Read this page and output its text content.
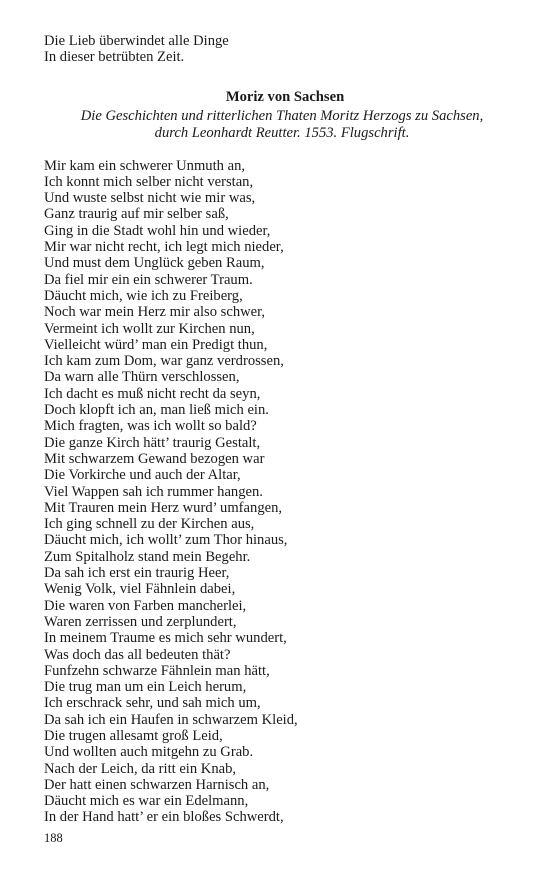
Die Lieb überwindet alle Dinge
In dieser betrübten Zeit.
Moriz von Sachsen
Die Geschichten und ritterlichen Thaten Moritz Herzogs zu Sachsen,
durch Leonhardt Reutter. 1553. Flugschrift.
Mir kam ein schwerer Unmuth an,
Ich konnt mich selber nicht verstan,
Und wuste selbst nicht wie mir was,
Ganz traurig auf mir selber saß,
Ging in die Stadt wohl hin und wieder,
Mir war nicht recht, ich legt mich nieder,
Und must dem Unglück geben Raum,
Da fiel mir ein ein schwerer Traum.
Däucht mich, wie ich zu Freiberg,
Noch war mein Herz mir also schwer,
Vermeint ich wollt zur Kirchen nun,
Vielleicht würd’ man ein Predigt thun,
Ich kam zum Dom, war ganz verdrossen,
Da warn alle Thürn verschlossen,
Ich dacht es muß nicht recht da seyn,
Doch klopft ich an, man ließ mich ein.
Mich fragten, was ich wollt so bald?
Die ganze Kirch hätt’ traurig Gestalt,
Mit schwarzem Gewand bezogen war
Die Vorkirche und auch der Altar,
Viel Wappen sah ich rummer hangen.
Mit Trauren mein Herz wurd’ umfangen,
Ich ging schnell zu der Kirchen aus,
Däucht mich, ich wollt’ zum Thor hinaus,
Zum Spitalholz stand mein Begehr.
Da sah ich erst ein traurig Heer,
Wenig Volk, viel Fähnlein dabei,
Die waren von Farben mancherlei,
Waren zerrissen und zerplundert,
In meinem Traume es mich sehr wundert,
Was doch das all bedeuten thät?
Funfzehn schwarze Fähnlein man hätt,
Die trug man um ein Leich herum,
Ich erschrack sehr, und sah mich um,
Da sah ich ein Haufen in schwarzem Kleid,
Die trugen allesamt groß Leid,
Und wollten auch mitgehn zu Grab.
Nach der Leich, da ritt ein Knab,
Der hatt einen schwarzen Harnisch an,
Däucht mich es war ein Edelmann,
In der Hand hatt’ er ein bloßes Schwerdt,
188
